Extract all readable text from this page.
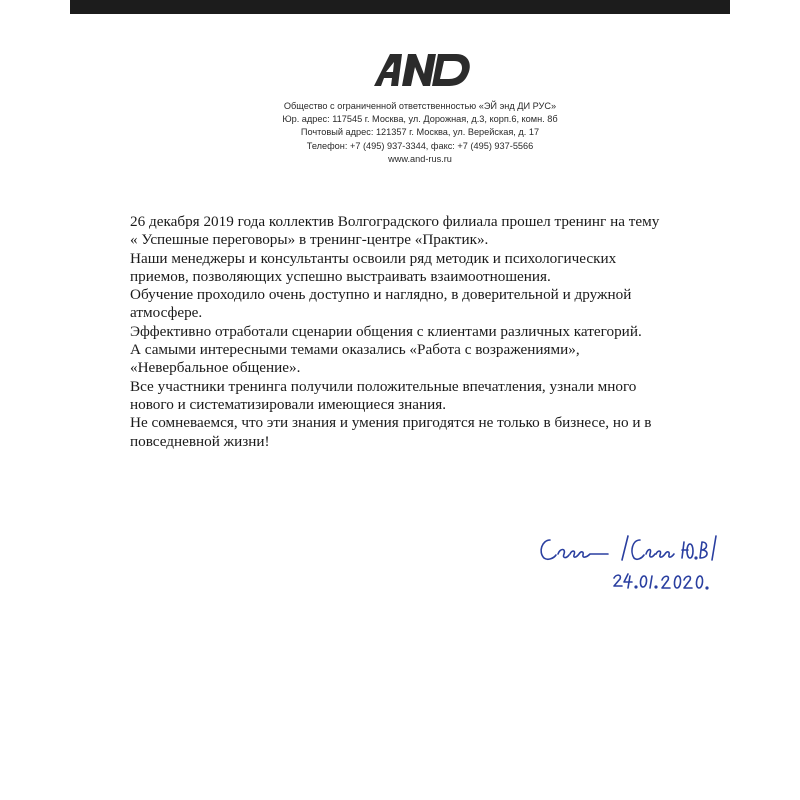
Общество с ограниченной ответственностью «ЭЙ энд ДИ РУС»
Юр. адрес: 117545 г. Москва, ул. Дорожная, д.3, корп.6, комн. 8б
Почтовый адрес: 121357 г. Москва, ул. Верейская, д. 17
Телефон: +7 (495) 937-3344, факс: +7 (495) 937-5566
www.and-rus.ru
26 декабря 2019 года коллектив Волгоградского филиала прошел тренинг на тему
« Успешные переговоры» в тренинг-центре «Практик».
Наши менеджеры и консультанты освоили ряд методик и психологических
приемов, позволяющих успешно выстраивать взаимоотношения.
Обучение проходило очень доступно и наглядно, в доверительной и дружной
атмосфере.
Эффективно отработали сценарии общения с клиентами различных категорий.
А самыми интересными темами оказались «Работа с возражениями»,
«Невербальное общение».
Все участники тренинга получили положительные впечатления, узнали много
нового и систематизировали имеющиеся знания.
Не сомневаемся, что эти знания и умения пригодятся не только в бизнесе, но и в
повседневной жизни!
